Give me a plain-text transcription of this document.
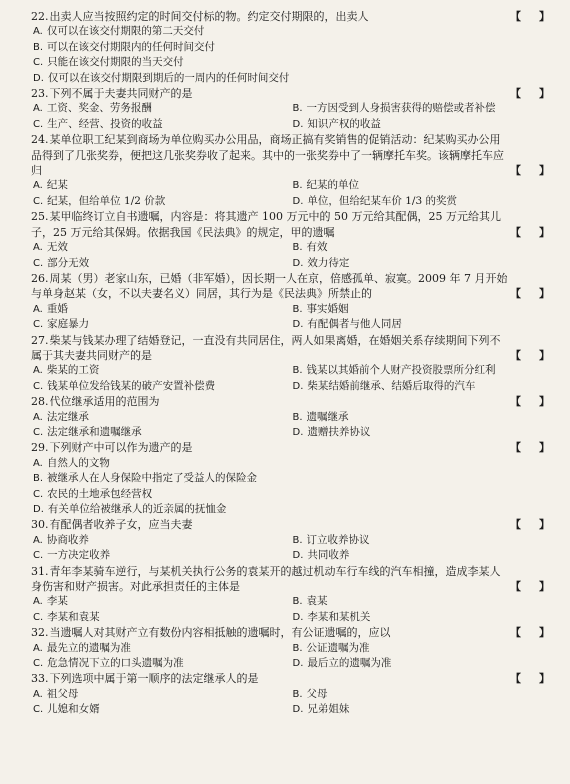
22.出卖人应当按照约定的时间交付标的物。约定交付期限的，出卖人	【 】
A. 仅可以在该交付期限的第二天交付
B. 可以在该交付期限内的任何时间交付
C. 只能在该交付期限的当天交付
D. 仅可以在该交付期限到期后的一周内的任何时间交付
23.下列不属于夫妻共同财产的是	【 】
A. 工资、奖金、劳务报酬	B. 一方因受到人身损害获得的赔偿或者补偿
C. 生产、经营、投资的收益	D. 知识产权的收益
24.某单位职工纪某到商场为单位购买办公用品，商场正搞有奖销售的促销活动：纪某购买办公用品得到了几张奖券，便把这几张奖券收了起来。其中的一张奖券中了一辆摩托车奖。该辆摩托车应归	【 】
A. 纪某	B. 纪某的单位
C. 纪某，但给单位 1/2 价款	D. 单位，但给纪某车价 1/3 的奖赏
25.某甲临终订立自书遗嘱，内容是：将其遗产 100 万元中的 50 万元给其配偶，25 万元给其儿子，25 万元给其保姆。依据我国《民法典》的规定，甲的遗嘱	【 】
A. 无效	B. 有效
C. 部分无效	D. 效力待定
26.周某（男）老家山东，已婚（非军婚），因长期一人在京，倍感孤单、寂寞。2009 年 7 月开始与单身赵某（女，不以夫妻名义）同居，其行为是《民法典》所禁止的	【 】
A. 重婚	B. 事实婚姻
C. 家庭暴力	D. 有配偶者与他人同居
27.柴某与钱某办理了结婚登记，一直没有共同居住，两人如果离婚，在婚姻关系存续期间下列不属于其夫妻共同财产的是	【 】
A. 柴某的工资	B. 钱某以其婚前个人财产投资股票所分红利
C. 钱某单位发给钱某的破产安置补偿费	D. 柴某结婚前继承、结婚后取得的汽车
28.代位继承适用的范围为	【 】
A. 法定继承	B. 遗嘱继承
C. 法定继承和遗嘱继承	D. 遗赠扶养协议
29.下列财产中可以作为遗产的是	【 】
A. 自然人的文物
B. 被继承人在人身保险中指定了受益人的保险金
C. 农民的土地承包经营权
D. 有关单位给被继承人的近亲属的抚恤金
30.有配偶者收养子女，应当夫妻	【 】
A. 协商收养	B. 订立收养协议
C. 一方决定收养	D. 共同收养
31.青年李某骑车逆行，与某机关执行公务的袁某开的越过机动车行车线的汽车相撞，造成李某人身伤害和财产损害。对此承担责任的主体是	【 】
A. 李某	B. 袁某
C. 李某和袁某	D. 李某和某机关
32.当遗嘱人对其财产立有数份内容相抵触的遗嘱时，有公证遗嘱的，应以	【 】
A. 最先立的遗嘱为准	B. 公证遗嘱为准
C. 危急情况下立的口头遗嘱为准	D. 最后立的遗嘱为准
33.下列选项中属于第一顺序的法定继承人的是	【 】
A. 祖父母	B. 父母
C. 儿媳和女婿	D. 兄弟姐妹
